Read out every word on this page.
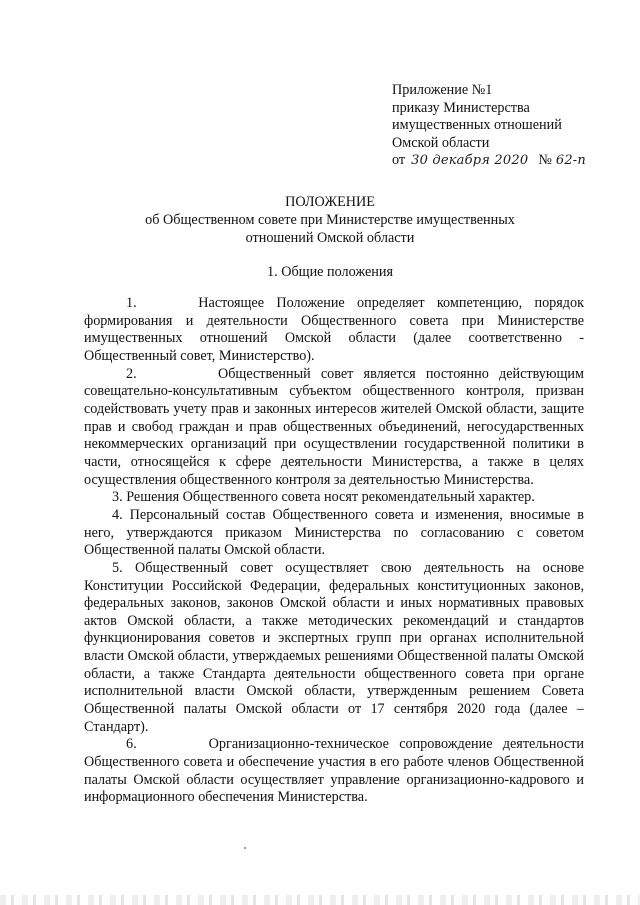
Приложение №1
приказу Министерства
имущественных отношений
Омской области
от 30 декабря 2020 № 62-п
ПОЛОЖЕНИЕ
об Общественном совете при Министерстве имущественных
отношений Омской области
1. Общие положения

1.	Настоящее Положение определяет компетенцию, порядок формирования и деятельности Общественного совета при Министерстве имущественных отношений Омской области (далее соответственно - Общественный совет, Министерство).

2.	Общественный совет является постоянно действующим совещательно-консультативным субъектом общественного контроля, призван содействовать учету прав и законных интересов жителей Омской области, защите прав и свобод граждан и прав общественных объединений, негосударственных некоммерческих организаций при осуществлении государственной политики в части, относящейся к сфере деятельности Министерства, а также в целях осуществления общественного контроля за деятельностью Министерства.

3. Решения Общественного совета носят рекомендательный характер.

4. Персональный состав Общественного совета и изменения, вносимые в него, утверждаются приказом Министерства по согласованию с советом Общественной палаты Омской области.

5. Общественный совет осуществляет свою деятельность на основе Конституции Российской Федерации, федеральных конституционных законов, федеральных законов, законов Омской области и иных нормативных правовых актов Омской области, а также методических рекомендаций и стандартов функционирования советов и экспертных групп при органах исполнительной власти Омской области, утверждаемых решениями Общественной палаты Омской области, а также Стандарта деятельности общественного совета при органе исполнительной власти Омской области, утвержденным решением Совета Общественной палаты Омской области от 17 сентября 2020 года (далее – Стандарт).

6.	Организационно-техническое сопровождение деятельности Общественного совета и обеспечение участия в его работе членов Общественной палаты Омской области осуществляет управление организационно-кадрового и информационного обеспечения Министерства.
